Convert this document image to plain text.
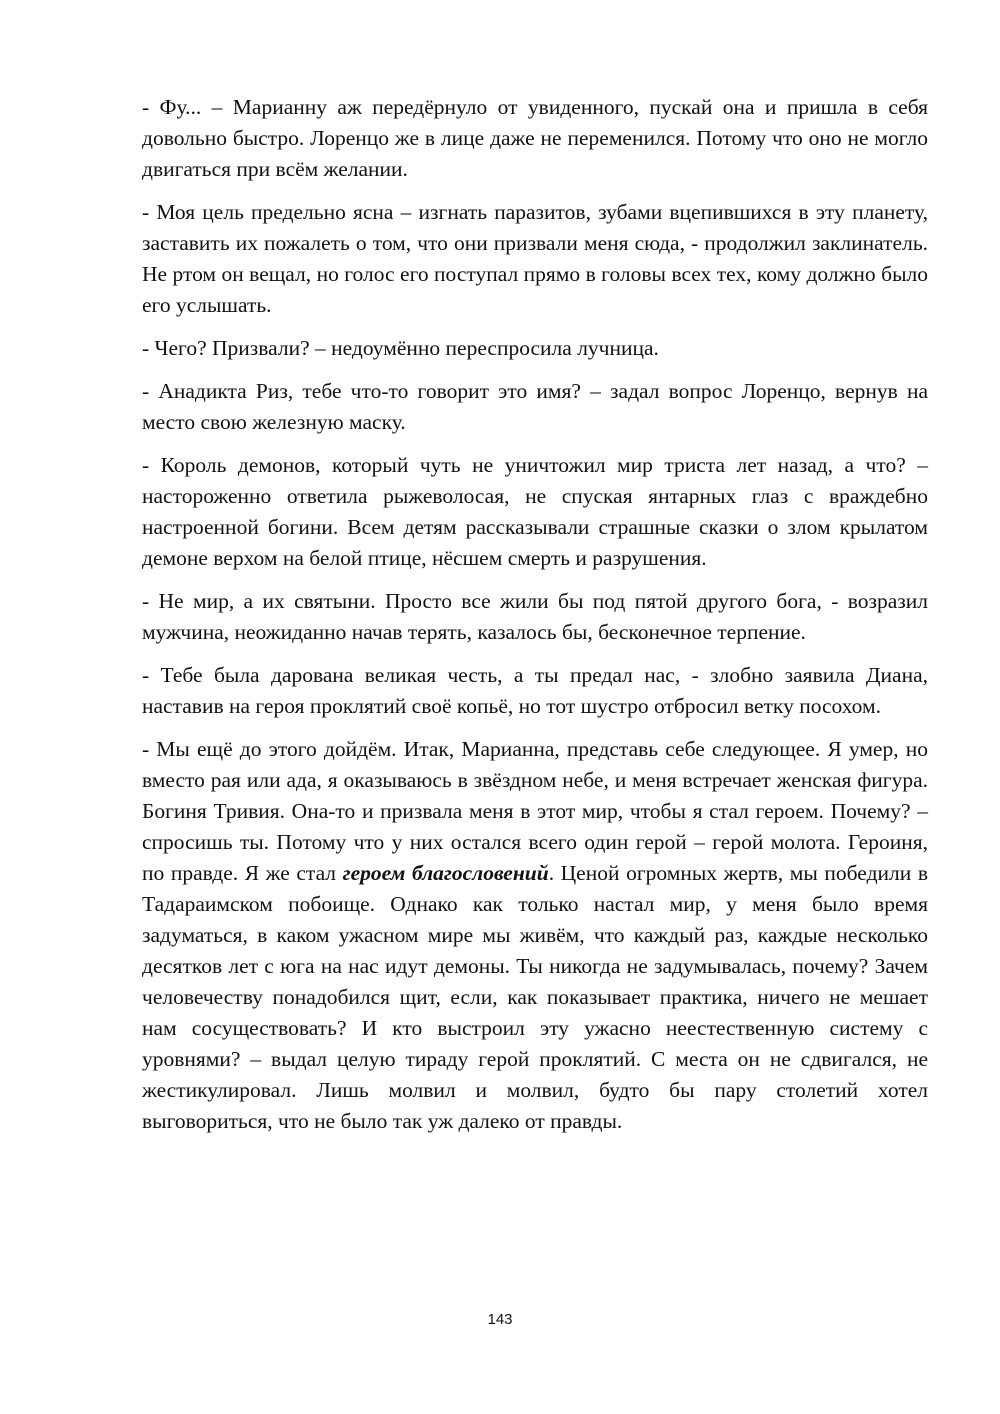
- Фу... – Марианну аж передёрнуло от увиденного, пускай она и пришла в себя довольно быстро. Лоренцо же в лице даже не переменился. Потому что оно не могло двигаться при всём желании.

- Моя цель предельно ясна – изгнать паразитов, зубами вцепившихся в эту планету, заставить их пожалеть о том, что они призвали меня сюда, - продолжил заклинатель. Не ртом он вещал, но голос его поступал прямо в головы всех тех, кому должно было его услышать.

- Чего? Призвали? – недоумённо переспросила лучница.

- Анадикта Риз, тебе что-то говорит это имя? – задал вопрос Лоренцо, вернув на место свою железную маску.

- Король демонов, который чуть не уничтожил мир триста лет назад, а что? – настороженно ответила рыжеволосая, не спуская янтарных глаз с враждебно настроенной богини. Всем детям рассказывали страшные сказки о злом крылатом демоне верхом на белой птице, нёсшем смерть и разрушения.

- Не мир, а их святыни. Просто все жили бы под пятой другого бога, - возразил мужчина, неожиданно начав терять, казалось бы, бесконечное терпение.

- Тебе была дарована великая честь, а ты предал нас, - злобно заявила Диана, наставив на героя проклятий своё копьё, но тот шустро отбросил ветку посохом.

- Мы ещё до этого дойдём. Итак, Марианна, представь себе следующее. Я умер, но вместо рая или ада, я оказываюсь в звёздном небе, и меня встречает женская фигура. Богиня Тривия. Она-то и призвала меня в этот мир, чтобы я стал героем. Почему? – спросишь ты. Потому что у них остался всего один герой – герой молота. Героиня, по правде. Я же стал героем благословений. Ценой огромных жертв, мы победили в Тадараимском побоище. Однако как только настал мир, у меня было время задуматься, в каком ужасном мире мы живём, что каждый раз, каждые несколько десятков лет с юга на нас идут демоны. Ты никогда не задумывалась, почему? Зачем человечеству понадобился щит, если, как показывает практика, ничего не мешает нам сосуществовать? И кто выстроил эту ужасно неестественную систему с уровнями? – выдал целую тираду герой проклятий. С места он не сдвигался, не жестикулировал. Лишь молвил и молвил, будто бы пару столетий хотел выговориться, что не было так уж далеко от правды.

143
